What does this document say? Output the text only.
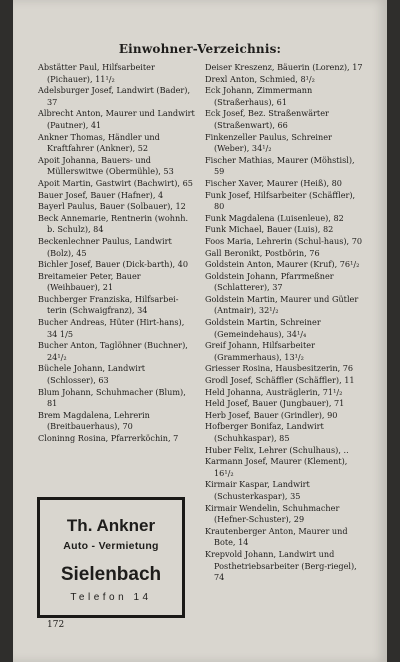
Einwohner-Verzeichnis:

Abstätter Paul, Hilfsarbeiter (Pichauer), 11¹/₂

Adelsburger Josef, Landwirt (Bader), 37

Albrecht Anton, Maurer und Landwirt (Pautner), 41

Ankner Thomas, Händler und Kraftfahrer (Ankner), 52

Apoit Johanna, Bauers- und Müllerswitwe (Obermühle), 53

Apoit Martin, Gastwirt (Bachwirt), 65

Bauer Josef, Bauer (Hafner), 4

Bayerl Paulus, Bauer (Solbauer), 12

Beck Annemarie, Rentnerin (wohnh. b. Schulz), 84

Beckenlechner Paulus, Landwirt (Bolz), 45

Bichler Josef, Bauer (Dick-barth), 40

Breitameier Peter, Bauer (Weihbauer), 21

Buchberger Franziska, Hilfsarbei-terin (Schwaigfranz), 34

Bucher Andreas, Hüter (Hirt-hans), 34 1/5

Bucher Anton, Taglöhner (Buchner), 24¹/₂

Büchele Johann, Landwirt (Schlosser), 63

Blum Johann, Schuhmacher (Blum), 81

Brem Magdalena, Lehrerin (Breitbauerhaus), 70

Cloninng Rosina, Pfarrerköchin, 7

Deiser Kreszenz, Bäuerin (Lorenz), 17

Drexl Anton, Schmied, 8¹/₂

Eck Johann, Zimmermann (Straßerhaus), 61

Eck Josef, Bez. Straßenwärter (Straßenwart), 66

Finkenzeller Paulus, Schreiner (Weber), 34¹/₂

Fischer Mathias, Maurer (Möhstisl), 59

Fischer Xaver, Maurer (Heiß), 80

Funk Josef, Hilfsarbeiter (Schäffler), 80

Funk Magdalena (Luisenleue), 82

Funk Michael, Bauer (Luis), 82

Foos Maria, Lehrerin (Schul-haus), 70

Gall Beronikt, Postbörin, 76

Goldstein Anton, Maurer (Kruf), 76¹/₂

Goldstein Johann, Pfarrmeßner (Schlatterer), 37

Goldstein Martin, Maurer und Gütler (Antmair), 32¹/₂

Goldstein Martin, Schreiner (Gemeindehaus), 34¹/₄

Greif Johann, Hilfsarbeiter (Grammerhaus), 13¹/₂

Griesser Rosina, Hausbesitzerin, 76

Grodl Josef, Schäffler (Schäffler), 11

Held Johanna, Austräglerin, 71¹/₂

Held Josef, Bauer (Jungbauer), 71

Herb Josef, Bauer (Grindler), 90

Hofberger Bonifaz, Landwirt (Schuhkaspar), 85

Huber Felix, Lehrer (Schulhaus), ..

Karmann Josef, Maurer (Klement), 16¹/₂

Kirmair Kaspar, Landwirt (Schusterkaspar), 35

Kirmair Wendelin, Schuhmacher (Hefner-Schuster), 29

Krautenberger Anton, Maurer und Bote, 14

Krepvold Johann, Landwirt und Posthetriebsarbeiter (Berg-riegel), 74

Th. Ankner
Auto - Vermietung
Sielenbach
Telefon 14
172
